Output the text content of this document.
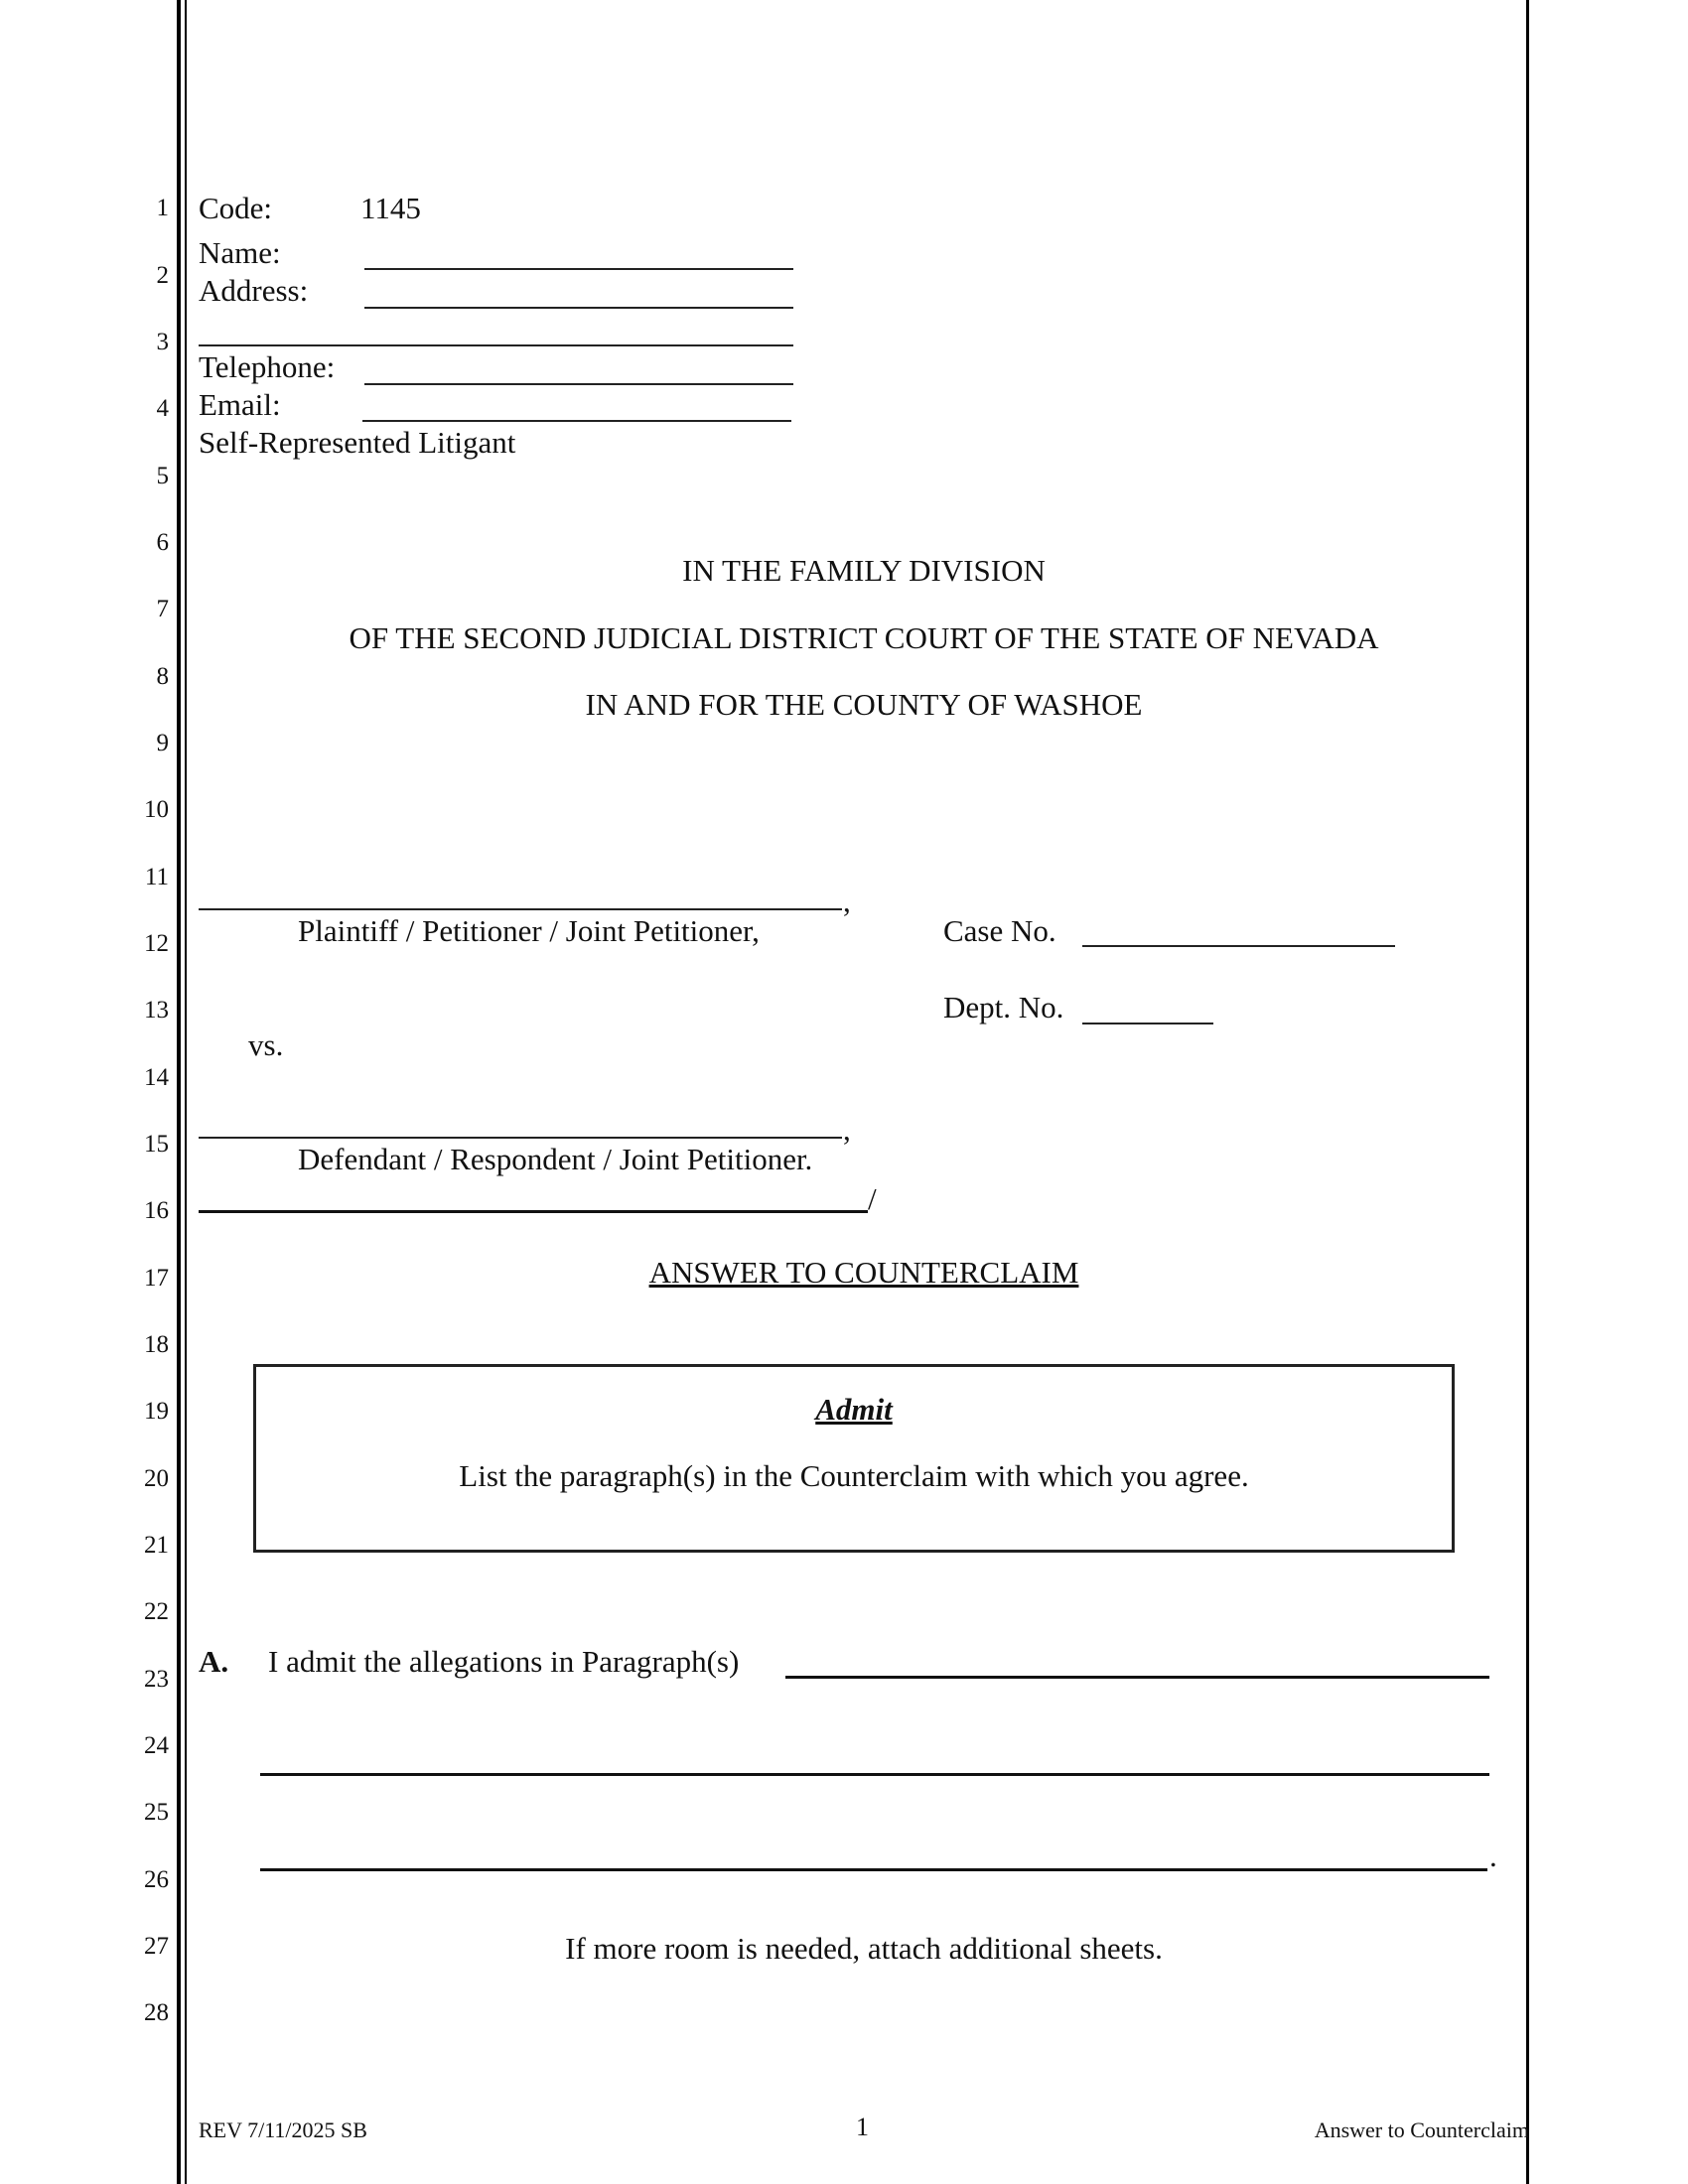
1
2
3
4
5
6
7
8
9
10
11
12
13
14
15
16
17
18
19
20
21
22
23
24
25
26
27
28
Code:	1145
Name:
Address:
Telephone:
Email:
Self-Represented Litigant
IN THE FAMILY DIVISION
OF THE SECOND JUDICIAL DISTRICT COURT OF THE STATE OF NEVADA
IN AND FOR THE COUNTY OF WASHOE
,
Plaintiff / Petitioner / Joint Petitioner,	Case No.
Dept. No.
vs.
,
Defendant / Respondent / Joint Petitioner.
/
ANSWER TO COUNTERCLAIM
Admit
List the paragraph(s) in the Counterclaim with which you agree.
A. I admit the allegations in Paragraph(s)
.
If more room is needed, attach additional sheets.
REV 7/11/2025 SB	1	Answer to Counterclaim
